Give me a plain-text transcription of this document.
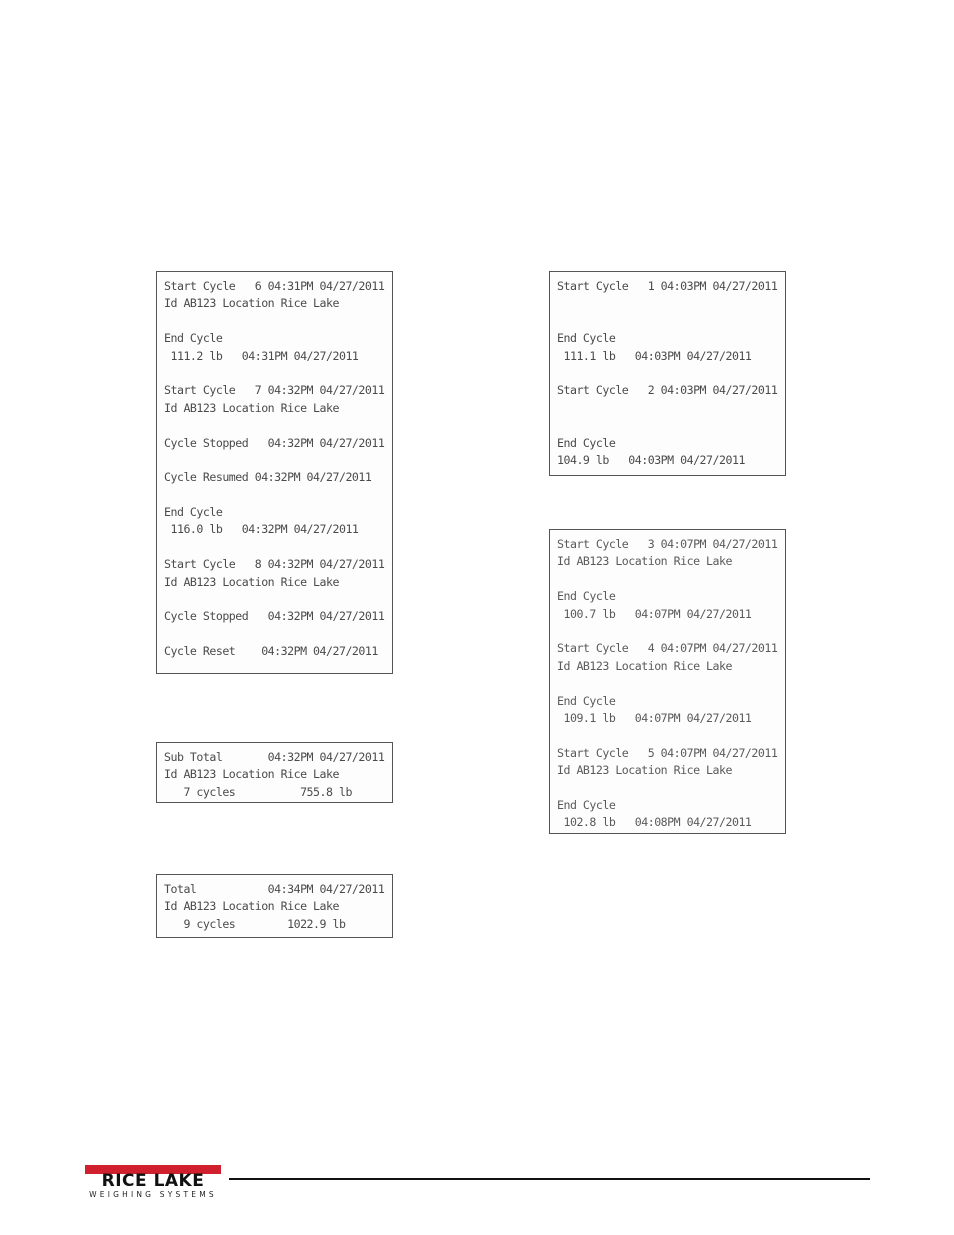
Start Cycle   6 04:31PM 04/27/2011
Id AB123 Location Rice Lake
End Cycle
111.2 lb   04:31PM 04/27/2011
Start Cycle   7 04:32PM 04/27/2011
Id AB123 Location Rice Lake
Cycle Stopped   04:32PM 04/27/2011
Cycle Resumed 04:32PM 04/27/2011
End Cycle
116.0 lb   04:32PM 04/27/2011
Start Cycle   8 04:32PM 04/27/2011
Id AB123 Location Rice Lake
Cycle Stopped   04:32PM 04/27/2011
Cycle Reset    04:32PM 04/27/2011
Sub Total       04:32PM 04/27/2011
Id AB123 Location Rice Lake
7 cycles          755.8 lb
Total           04:34PM 04/27/2011
Id AB123 Location Rice Lake
9 cycles        1022.9 lb
Start Cycle   1 04:03PM 04/27/2011
End Cycle
111.1 lb   04:03PM 04/27/2011
Start Cycle   2 04:03PM 04/27/2011
End Cycle
104.9 lb   04:03PM 04/27/2011
Start Cycle   3 04:07PM 04/27/2011
Id AB123 Location Rice Lake
End Cycle
100.7 lb   04:07PM 04/27/2011
Start Cycle   4 04:07PM 04/27/2011
Id AB123 Location Rice Lake
End Cycle
109.1 lb   04:07PM 04/27/2011
Start Cycle   5 04:07PM 04/27/2011
Id AB123 Location Rice Lake
End Cycle
102.8 lb   04:08PM 04/27/2011
RICE LAKE
WEIGHING SYSTEMS
